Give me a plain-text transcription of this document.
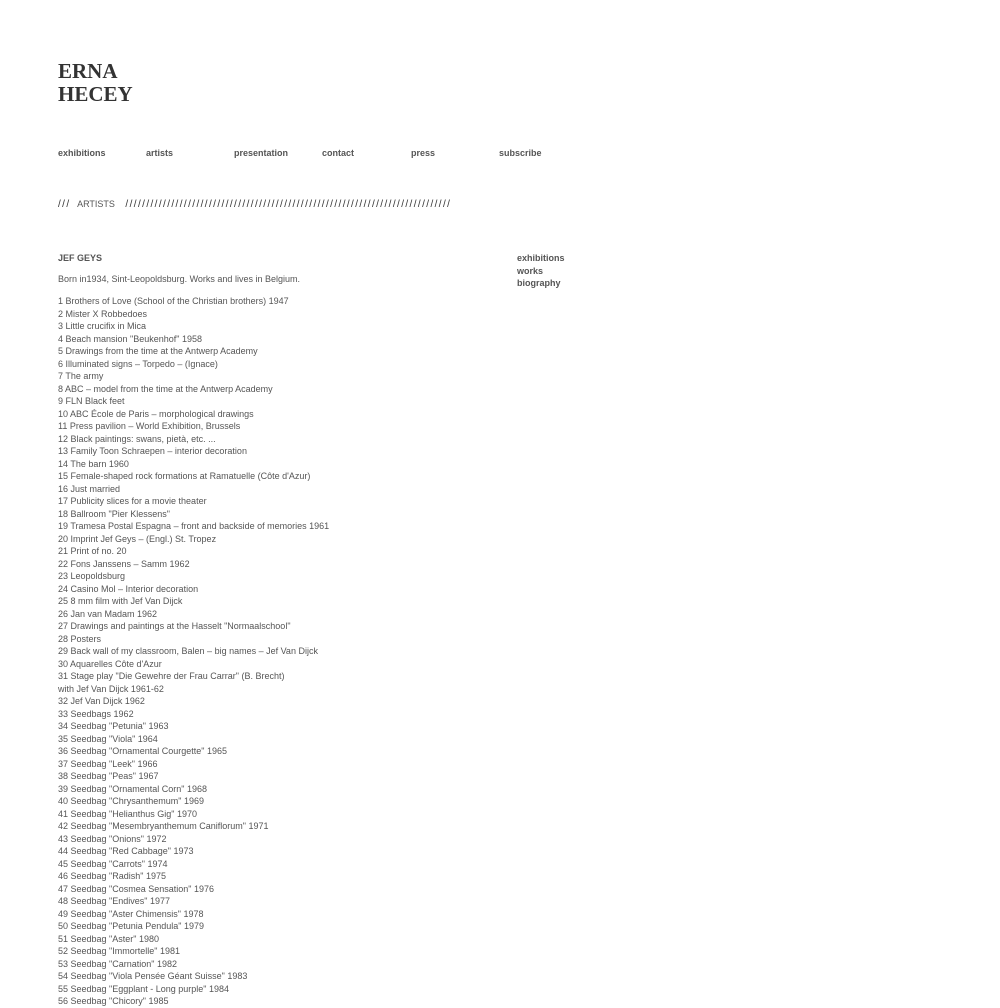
ERNA
HECEY
exhibitions	artists	presentation	contact	press	subscribe
/// ARTISTS //////////////////////////////////////////////////////////////////////////////
JEF GEYS
Born in1934, Sint-Leopoldsburg. Works and lives in Belgium.
1 Brothers of Love (School of the Christian brothers) 1947
2 Mister X Robbedoes
3 Little crucifix in Mica
4 Beach mansion "Beukenhof" 1958
5 Drawings from the time at the Antwerp Academy
6 Illuminated signs – Torpedo – (Ignace)
7 The army
8 ABC – model from the time at the Antwerp Academy
9 FLN Black feet
10 ABC École de Paris – morphological drawings
11 Press pavilion – World Exhibition, Brussels
12 Black paintings: swans, pietà, etc. ...
13 Family Toon Schraepen – interior decoration
14 The barn 1960
15 Female-shaped rock formations at Ramatuelle (Côte d'Azur)
16 Just married
17 Publicity slices for a movie theater
18 Ballroom "Pier Klessens"
19 Tramesa Postal Espagna – front and backside of memories 1961
20 Imprint Jef Geys – (Engl.) St. Tropez
21 Print of no. 20
22 Fons Janssens – Samm 1962
23 Leopoldsburg
24 Casino Mol – Interior decoration
25 8 mm film with Jef Van Dijck
26 Jan van Madam 1962
27 Drawings and paintings at the Hasselt "Normaalschool"
28 Posters
29 Back wall of my classroom, Balen – big names – Jef Van Dijck
30 Aquarelles Côte d'Azur
31 Stage play "Die Gewehre der Frau Carrar" (B. Brecht)
with Jef Van Dijck 1961-62
32 Jef Van Dijck 1962
33 Seedbags 1962
34 Seedbag "Petunia" 1963
35 Seedbag "Viola" 1964
36 Seedbag "Ornamental Courgette" 1965
37 Seedbag "Leek" 1966
38 Seedbag "Peas" 1967
39 Seedbag "Ornamental Corn" 1968
40 Seedbag "Chrysanthemum" 1969
41 Seedbag "Helianthus Gig" 1970
42 Seedbag "Mesembryanthemum Caniflorum" 1971
43 Seedbag "Onions" 1972
44 Seedbag "Red Cabbage" 1973
45 Seedbag "Carrots" 1974
46 Seedbag "Radish" 1975
47 Seedbag "Cosmea Sensation" 1976
48 Seedbag "Endives" 1977
49 Seedbag "Aster Chimensis" 1978
50 Seedbag "Petunia Pendula" 1979
51 Seedbag "Aster" 1980
52 Seedbag "Immortelle" 1981
53 Seedbag "Carnation" 1982
54 Seedbag "Viola Pensée Géant Suisse" 1983
55 Seedbag "Eggplant - Long purple" 1984
56 Seedbag "Chicory" 1985
exhibitions
works
biography
